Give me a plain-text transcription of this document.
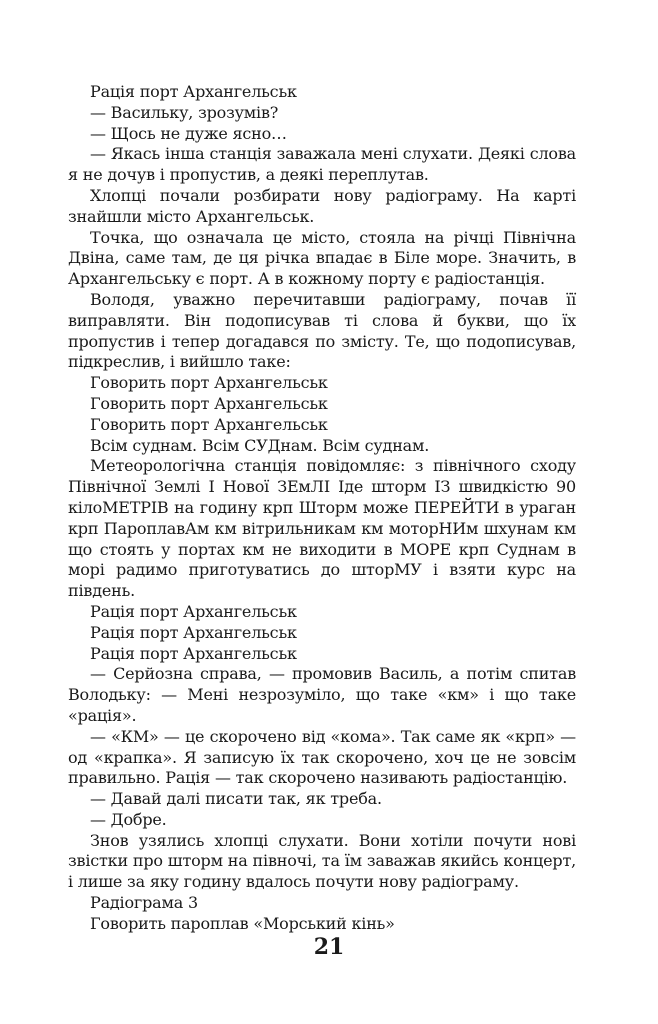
Рація порт Архангельськ

— Васильку, зрозумів?

— Щось не дуже ясно…

— Якась інша станція заважала мені слухати. Деякі слова я не дочув і пропустив, а деякі переплутав.

Хлопці почали розбирати нову радіограму. На карті знайшли місто Архангельськ.

Точка, що означала це місто, стояла на річці Північна Двіна, саме там, де ця річка впадає в Біле море. Значить, в Архангельську є порт. А в кожному порту є радіостанція.

Володя, уважно перечитавши радіограму, почав її виправляти. Він подописував ті слова й букви, що їх пропустив і тепер догадався по змісту. Те, що подописував, підкреслив, і вийшло таке:

Говорить порт Архангельськ

Говорить порт Архангельськ

Говорить порт Архангельськ

Всім суднам. Всім СУДнам. Всім суднам.

Метеорологічна станція повідомляє: з північного сходу Північної Землі І Нової ЗЕмЛІ Іде шторм ІЗ швидкістю 90 кілоМЕТРІВ на годину крп Шторм може ПЕРЕЙТИ в ураган крп ПароплавАм км вітрильникам км моторНИм шхунам км що стоять у портах км не виходити в МОРЕ крп Суднам в морі радимо приготуватись до шторМУ і взяти курс на південь.

Рація порт Архангельськ

Рація порт Архангельськ

Рація порт Архангельськ

— Серйозна справа, — промовив Василь, а потім спитав Володьку: — Мені незрозуміло, що таке «км» і що таке «рація».

— «КМ» — це скорочено від «кома». Так саме як «крп» — од «крапка». Я записую їх так скорочено, хоч це не зовсім правильно. Рація — так скорочено називають радіостанцію.

— Давай далі писати так, як треба.

— Добре.

Знов узялись хлопці слухати. Вони хотіли почути нові звістки про шторм на півночі, та їм заважав якийсь концерт, і лише за яку годину вдалось почути нову радіограму.

Радіограма 3

Говорить пароплав «Морський кінь»

21
